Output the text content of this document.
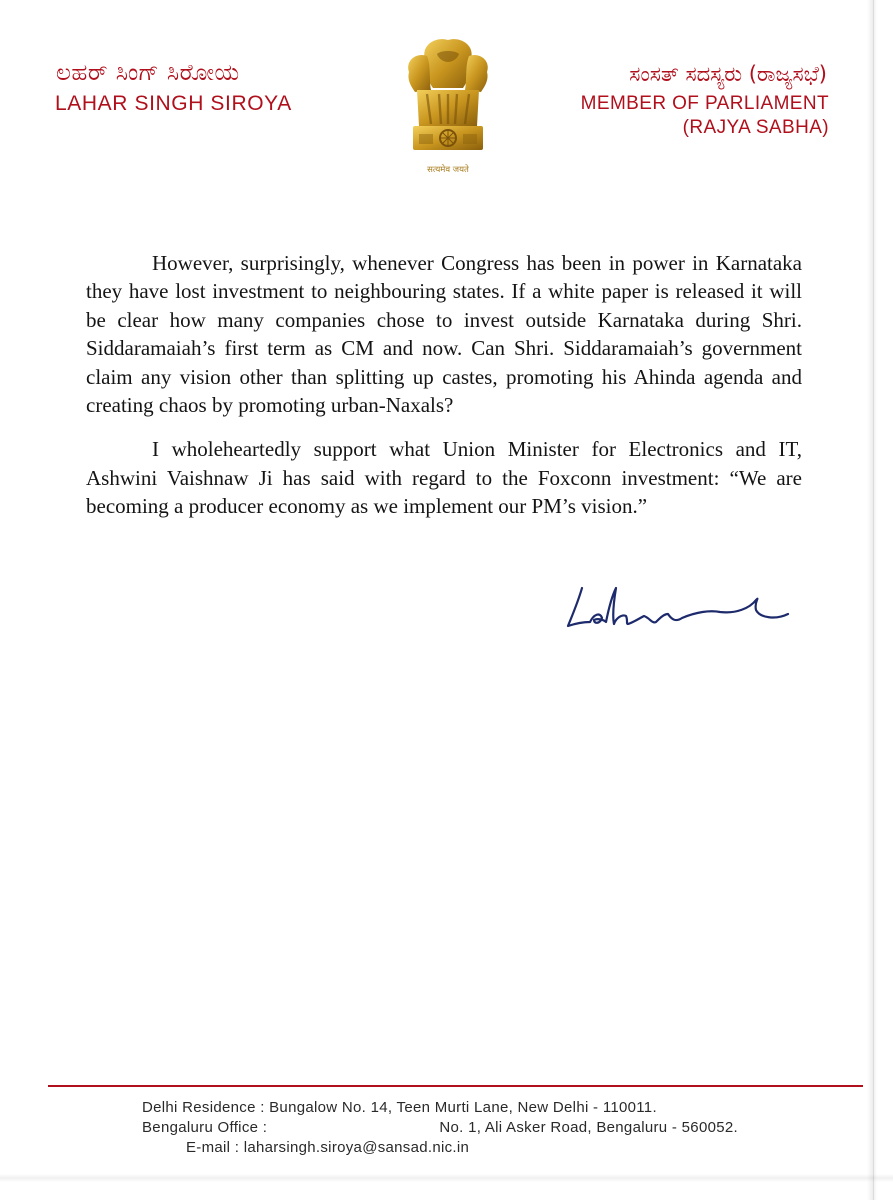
ಲಹರ್ ಸಿಂಗ್ ಸಿರೋಯ
LAHAR SINGH SIROYA
सत्यमेव जयते
ಸಂಸತ್ ಸದಸ್ಯರು (ರಾಜ್ಯಸಭೆ)
MEMBER OF PARLIAMENT
(RAJYA SABHA)

However, surprisingly, whenever Congress has been in power in Karnataka they have lost investment to neighbouring states. If a white paper is released it will be clear how many companies chose to invest outside Karnataka during Shri. Siddaramaiah’s first term as CM and now. Can Shri. Siddaramaiah’s government claim any vision other than splitting up castes, promoting his Ahinda agenda and creating chaos by promoting urban-Naxals?

I wholeheartedly support what Union Minister for Electronics and IT, Ashwini Vaishnaw Ji has said with regard to the Foxconn investment: “We are becoming a producer economy as we implement our PM’s vision.”

Delhi Residence : Bungalow No. 14, Teen Murti Lane, New Delhi - 110011.
Bengaluru Office :	No. 1, Ali Asker Road, Bengaluru - 560052.
E-mail : laharsingh.siroya@sansad.nic.in
